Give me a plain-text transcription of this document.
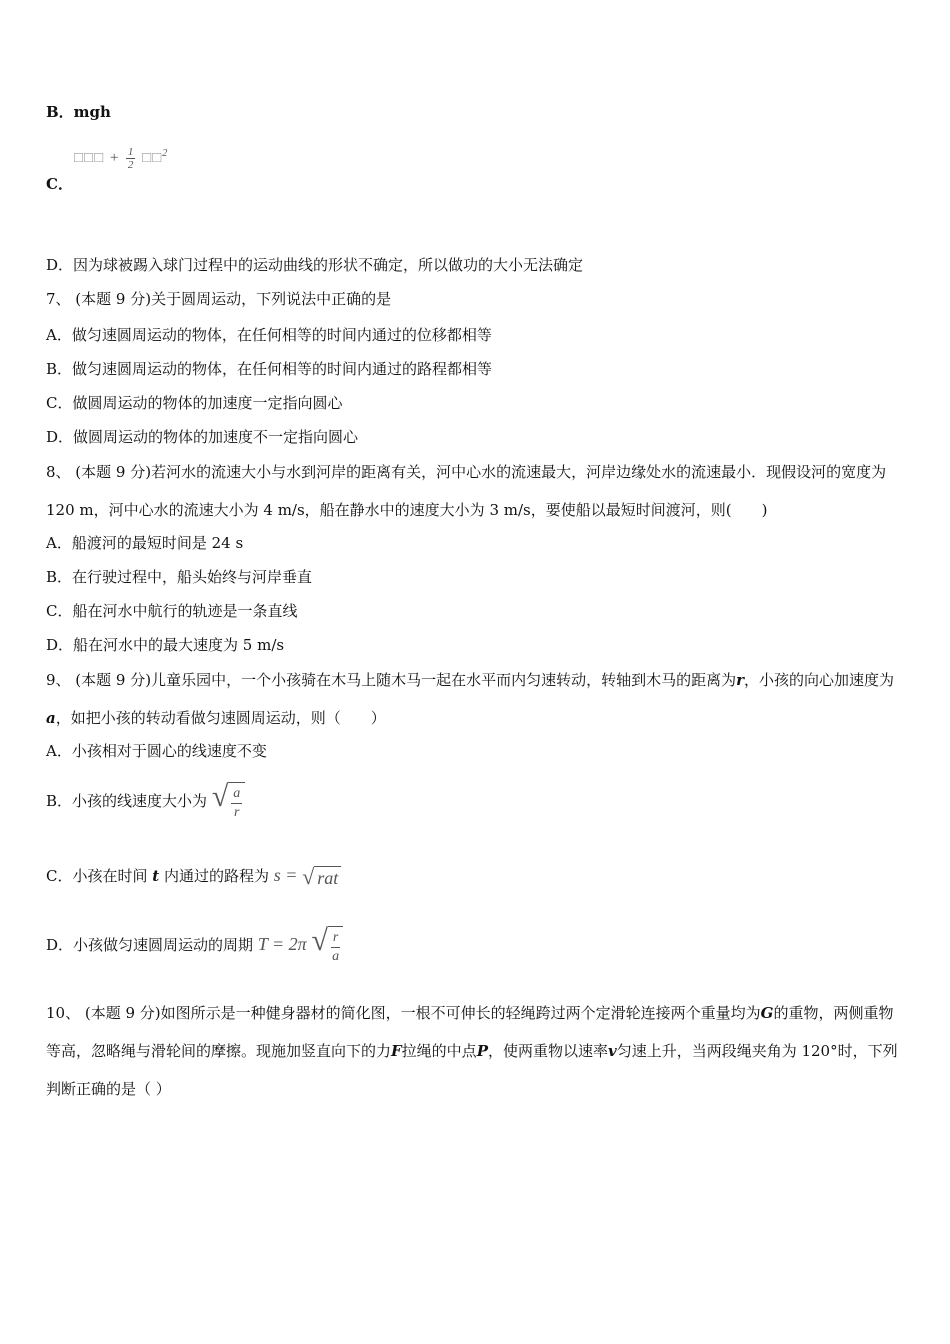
B．mgh
□□□ + $\frac{1}{2}$ □□$^2$
C．
D．因为球被踢入球门过程中的运动曲线的形状不确定，所以做功的大小无法确定
7、 (本题 9 分)关于圆周运动，下列说法中正确的是
A．做匀速圆周运动的物体，在任何相等的时间内通过的位移都相等
B．做匀速圆周运动的物体，在任何相等的时间内通过的路程都相等
C．做圆周运动的物体的加速度一定指向圆心
D．做圆周运动的物体的加速度不一定指向圆心
8、 (本题 9 分)若河水的流速大小与水到河岸的距离有关，河中心水的流速最大，河岸边缘处水的流速最小．现假设河的宽度为 120 m，河中心水的流速大小为 4 m/s，船在静水中的速度大小为 3 m/s，要使船以最短时间渡河，则(　　)
A．船渡河的最短时间是 24 s
B．在行驶过程中，船头始终与河岸垂直
C．船在河水中航行的轨迹是一条直线
D．船在河水中的最大速度为 5 m/s
9、 (本题 9 分)儿童乐园中，一个小孩骑在木马上随木马一起在水平而内匀速转动，转轴到木马的距离为r，小孩的向心加速度为a，如把小孩的转动看做匀速圆周运动，则（　　）
A．小孩相对于圆心的线速度不变
B．小孩的线速度大小为 √ $\frac{a}{r}$
C．小孩在时间 t 内通过的路程为 s = √ rat
D．小孩做匀速圆周运动的周期 T = 2π √ $\frac{r}{a}$
10、 (本题 9 分)如图所示是一种健身器材的简化图，一根不可伸长的轻绳跨过两个定滑轮连接两个重量均为G的重物，两侧重物等高，忽略绳与滑轮间的摩擦。现施加竖直向下的力F拉绳的中点P，使两重物以速率v匀速上升，当两段绳夹角为 120°时，下列判断正确的是（ ）
